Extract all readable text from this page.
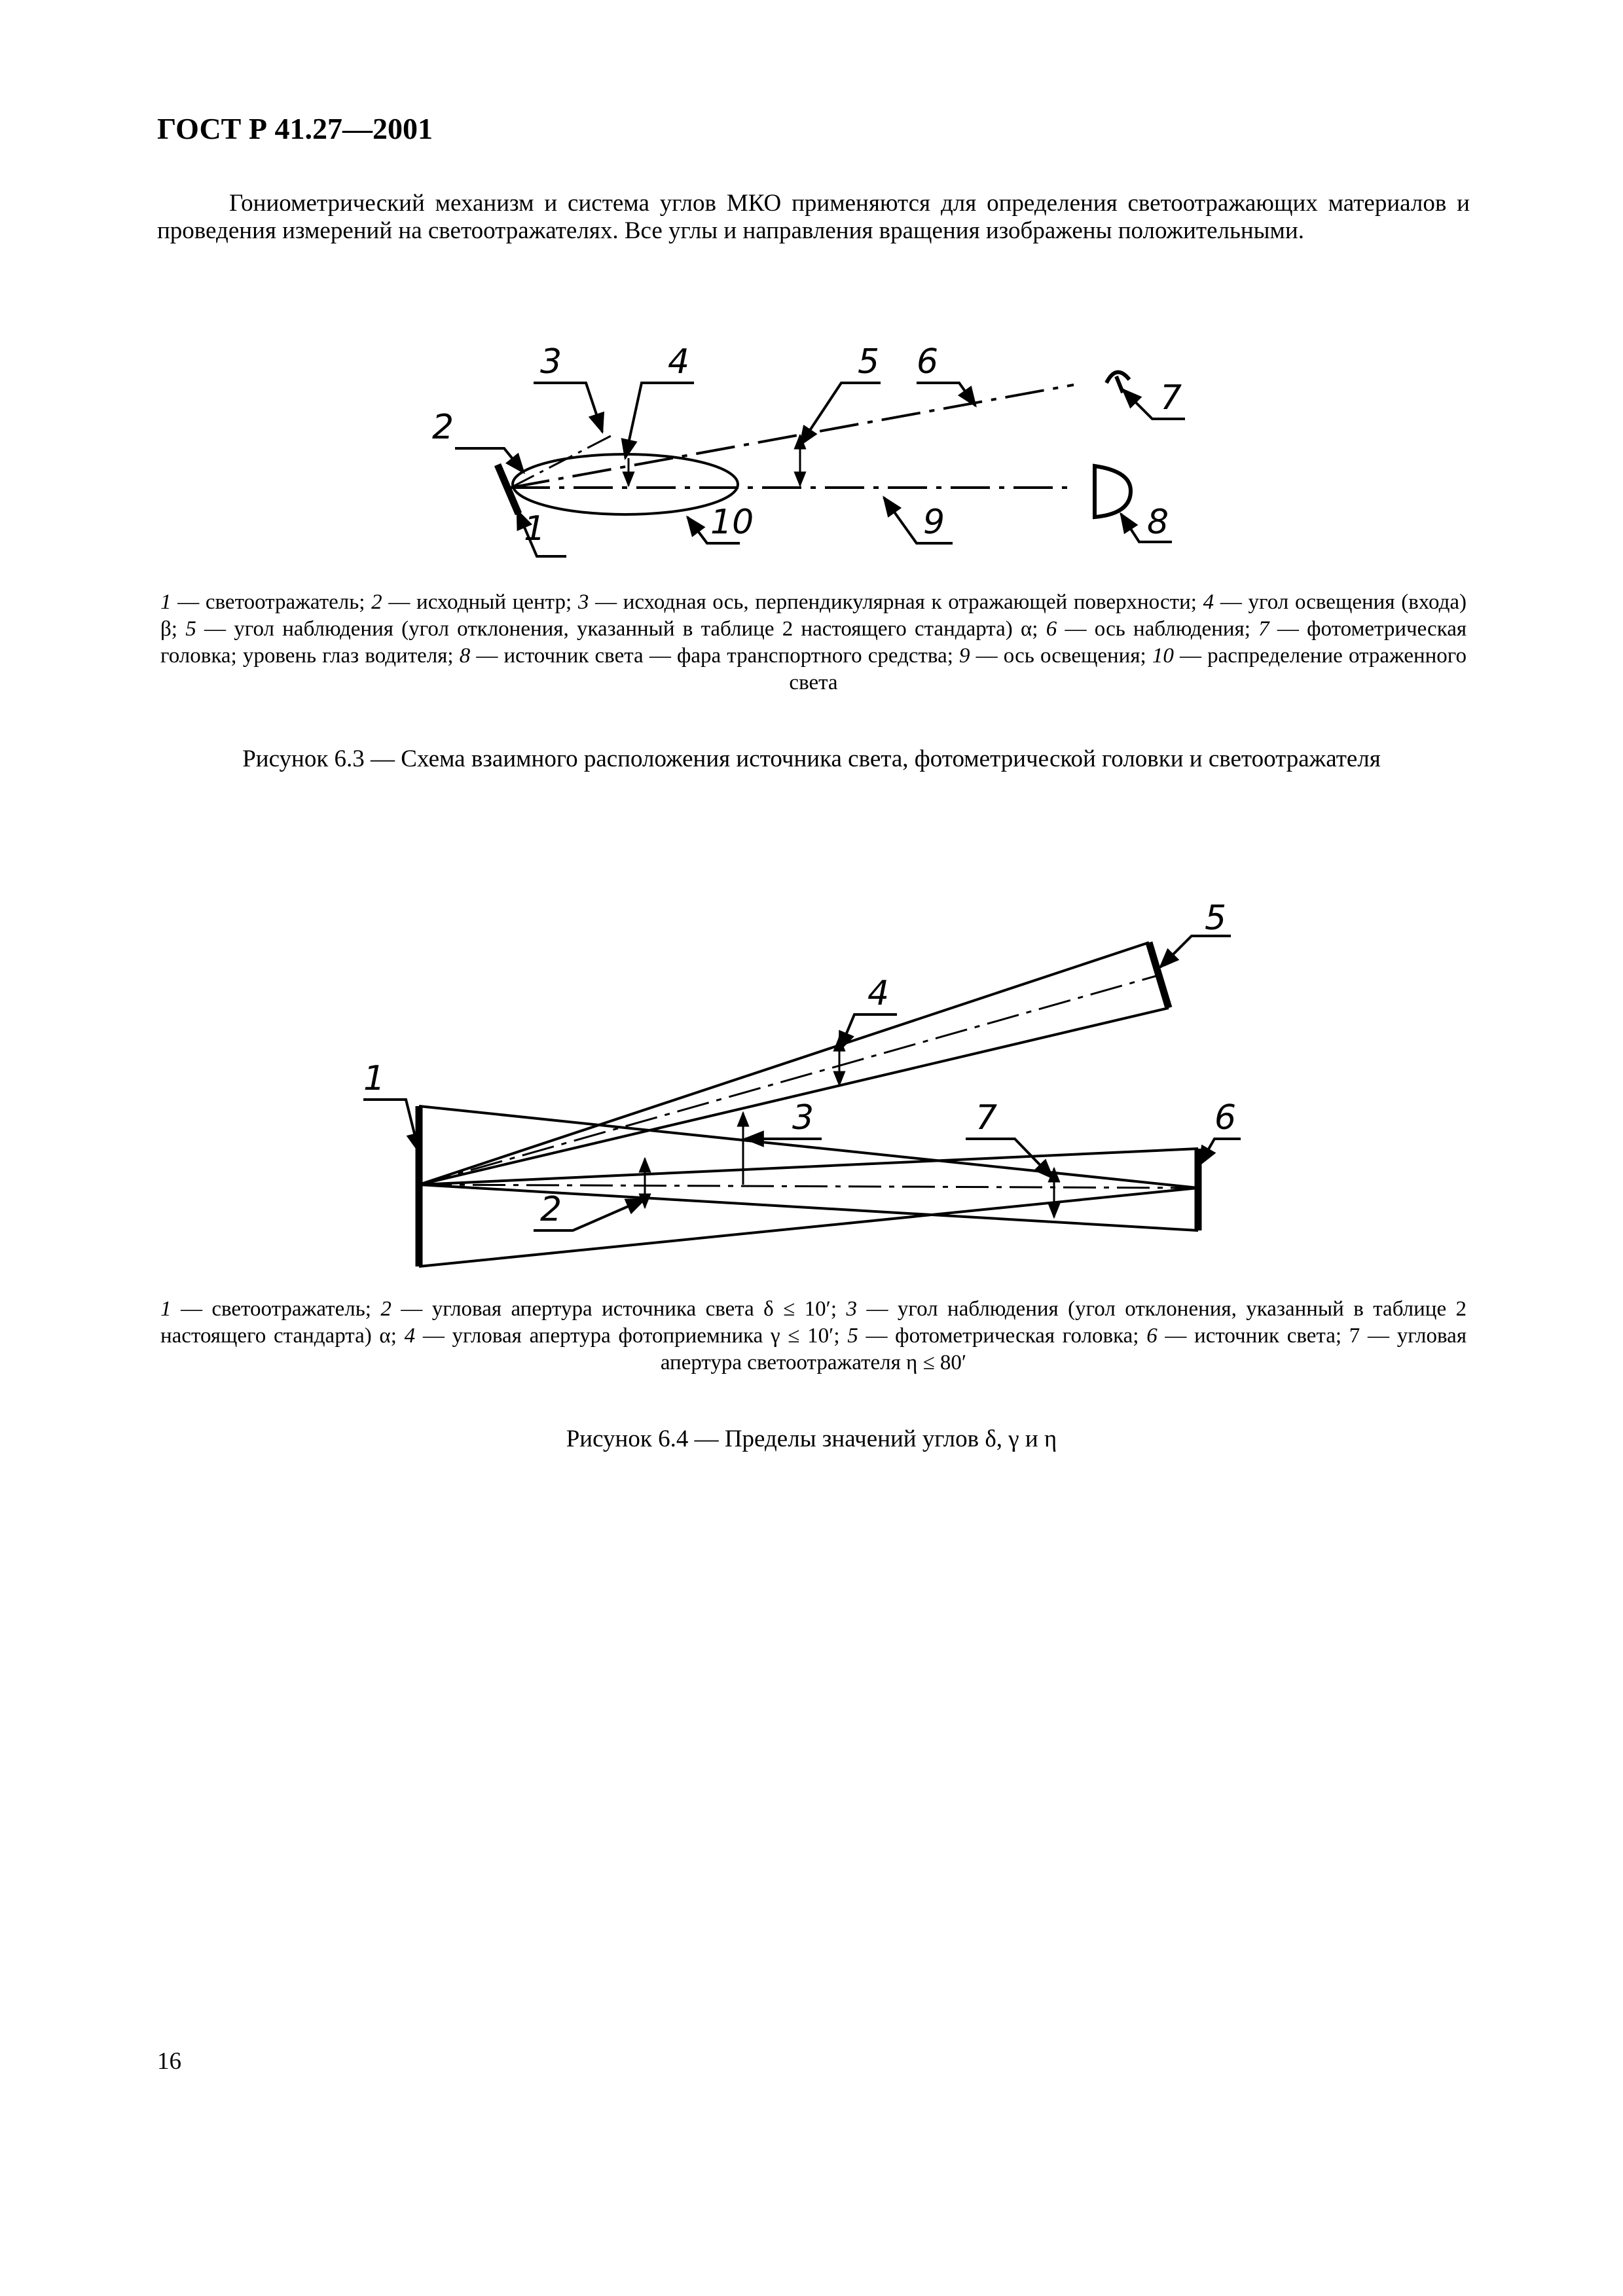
ГОСТ Р 41.27—2001
Гониометрический механизм и система углов МКО применяются для определения светоотражающих материалов и проведения измерений на светоотражателях. Все углы и направления вращения изображены положительными.
1
2
3	4	5 6
7
8
9
10
1
2
3
4
5
6
7
1 — светоотражатель; 2 — исходный центр; 3 — исходная ось, перпендикулярная к отражающей поверхности; 4 — угол освещения (входа) β; 5 — угол наблюдения (угол отклонения, указанный в таблице 2 настоящего стандарта) α; 6 — ось наблюдения; 7 — фотометрическая головка; уровень глаз водителя; 8 — источник света — фара транспортного средства; 9 — ось освещения; 10 — распределение отраженного света
Рисунок 6.3 — Схема взаимного расположения источника света, фотометрической головки и светоотражателя
1 — светоотражатель; 2 — угловая апертура источника света δ ≤ 10′; 3 — угол наблюдения (угол отклонения, указанный в таблице 2 настоящего стандарта) α; 4 — угловая апертура фотоприемника γ ≤ 10′; 5 — фотометрическая головка; 6 — источник света; 7 — угловая апертура светоотражателя η ≤ 80′
Рисунок 6.4 — Пределы значений углов δ, γ и η
16
